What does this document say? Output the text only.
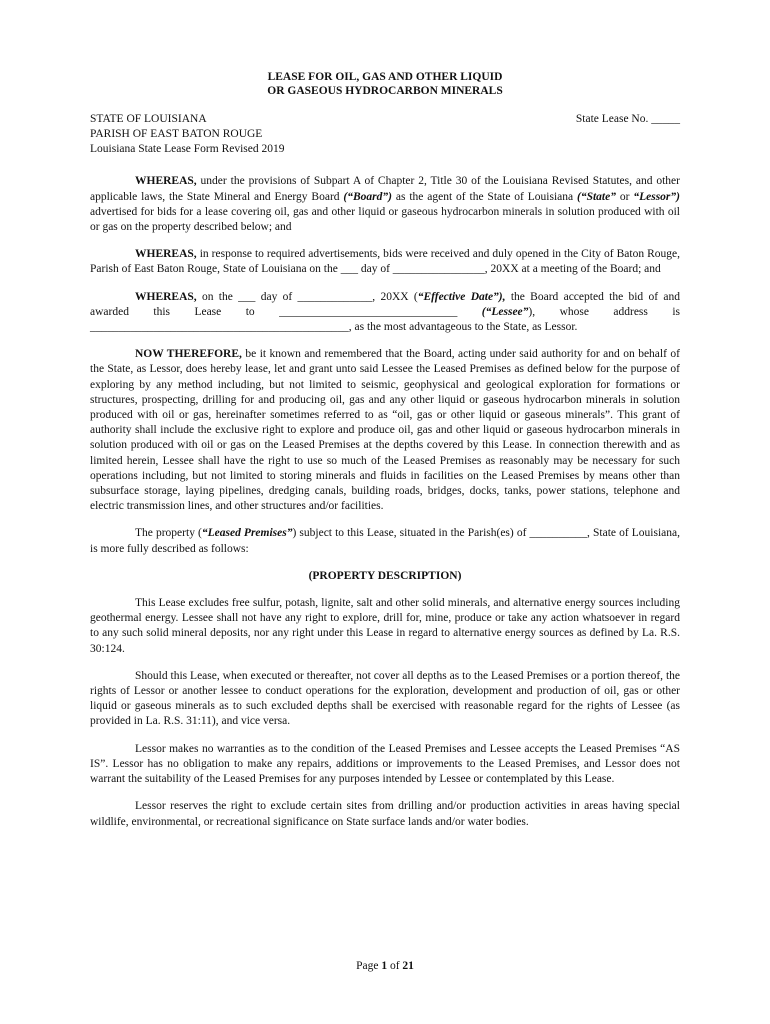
LEASE FOR OIL, GAS AND OTHER LIQUID
OR GASEOUS HYDROCARBON MINERALS
STATE OF LOUISIANA
PARISH OF EAST BATON ROUGE
Louisiana State Lease Form Revised 2019
State Lease No. _____

WHEREAS, under the provisions of Subpart A of Chapter 2, Title 30 of the Louisiana Revised Statutes, and other applicable laws, the State Mineral and Energy Board (“Board”) as the agent of the State of Louisiana (“State” or “Lessor”) advertised for bids for a lease covering oil, gas and other liquid or gaseous hydrocarbon minerals in solution produced with oil or gas on the property described below; and

WHEREAS, in response to required advertisements, bids were received and duly opened in the City of Baton Rouge, Parish of East Baton Rouge, State of Louisiana on the ___ day of ________________, 20XX at a meeting of the Board; and

WHEREAS, on the ___ day of _____________, 20XX (“Effective Date”), the Board accepted the bid of and awarded this Lease to _______________________________ (“Lessee”), whose address is _____________________________________________, as the most advantageous to the State, as Lessor.

NOW THEREFORE, be it known and remembered that the Board, acting under said authority for and on behalf of the State, as Lessor, does hereby lease, let and grant unto said Lessee the Leased Premises as defined below for the purpose of exploring by any method including, but not limited to seismic, geophysical and geological exploration for formations or structures, prospecting, drilling for and producing oil, gas and any other liquid or gaseous hydrocarbon minerals in solution produced with oil or gas, hereinafter sometimes referred to as “oil, gas or other liquid or gaseous minerals”. This grant of authority shall include the exclusive right to explore and produce oil, gas and other liquid or gaseous hydrocarbon minerals in solution produced with oil or gas on the Leased Premises at the depths covered by this Lease. In connection therewith and as limited herein, Lessee shall have the right to use so much of the Leased Premises as reasonably may be necessary for such operations including, but not limited to storing minerals and fluids in facilities on the Leased Premises by means other than subsurface storage, laying pipelines, dredging canals, building roads, bridges, docks, tanks, power stations, telephone and electric transmission lines, and other structures and/or facilities.

The property (“Leased Premises”) subject to this Lease, situated in the Parish(es) of __________, State of Louisiana, is more fully described as follows:

(PROPERTY DESCRIPTION)

This Lease excludes free sulfur, potash, lignite, salt and other solid minerals, and alternative energy sources including geothermal energy. Lessee shall not have any right to explore, drill for, mine, produce or take any action whatsoever in regard to any such solid mineral deposits, nor any right under this Lease in regard to alternative energy sources as defined by La. R.S. 30:124.

Should this Lease, when executed or thereafter, not cover all depths as to the Leased Premises or a portion thereof, the rights of Lessor or another lessee to conduct operations for the exploration, development and production of oil, gas or other liquid or gaseous minerals as to such excluded depths shall be exercised with reasonable regard for the rights of Lessee (as provided in La. R.S. 31:11), and vice versa.

Lessor makes no warranties as to the condition of the Leased Premises and Lessee accepts the Leased Premises “AS IS”. Lessor has no obligation to make any repairs, additions or improvements to the Leased Premises, and Lessor does not warrant the suitability of the Leased Premises for any purposes intended by Lessee or contemplated by this Lease.

Lessor reserves the right to exclude certain sites from drilling and/or production activities in areas having special wildlife, environmental, or recreational significance on State surface lands and/or water bodies.

Page 1 of 21
